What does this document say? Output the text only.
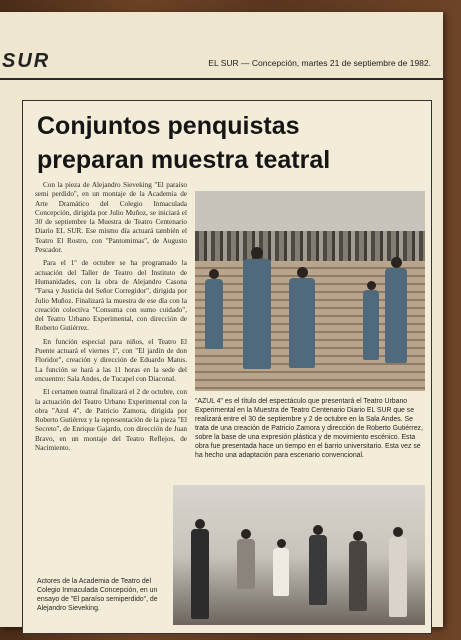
SUR	EL SUR — Concepción, martes 21 de septiembre de 1982.
Conjuntos penquistas
preparan muestra teatral

Con la pieza de Alejandro Sieveking "El paraíso semi perdido", en un montaje de la Academia de Arte Dramático del Colegio Inmaculada Concepción, dirigida por Julio Muñoz, se iniciará el 30 de septiembre la Muestra de Teatro Centenario Diario EL SUR. Ese mismo día actuará también el Teatro El Rostro, con "Pantomimas", de Augusto Pescador.

Para el 1º de octubre se ha programado la actuación del Taller de Teatro del Instituto de Humanidades, con la obra de Alejandro Casona "Farsa y Justicia del Señor Corregidor", dirigida por Julio Muñoz. Finalizará la muestra de ese día con la creación colectiva "Consuma con sumo cuidado", del Teatro Urbano Experimental, con dirección de Roberto Gutiérrez.

En función especial para niños, el Teatro El Puente actuará el viernes 1º, con "El jardín de don Floridor", creación y dirección de Eduardo Matus. La función se hará a las 11 horas en la sede del encuentro: Sala Andes, de Tucapel con Diaconal.

El certamen teatral finalizará el 2 de octubre, con la actuación del Teatro Urbano Experimental con la obra "Azul 4", de Patricio Zamora, dirigida por Roberto Gutiérrez y la representación de la pieza "El Secreto", de Enrique Gajardo, con dirección de Juan Bravo, en un montaje del Teatro Reflejos, de Nacimiento.

"AZUL 4" es el título del espectáculo que presentará el Teatro Urbano Experimental en la Muestra de Teatro Centenario Diario EL SUR que se realizará entre el 30 de septiembre y 2 de octubre en la Sala Andes. Se trata de una creación de Patricio Zamora y dirección de Roberto Gutiérrez, sobre la base de una expresión plástica y de movimiento escénico. Esta obra fue presentada hace un tiempo en el barrio universitario. Esta vez se ha hecho una adaptación para escenario convencional.
Actores de la Academia de Teatro del Colegio Inmaculada Concepción, en un ensayo de "El paraíso semiperdido", de Alejandro Sieveking.
